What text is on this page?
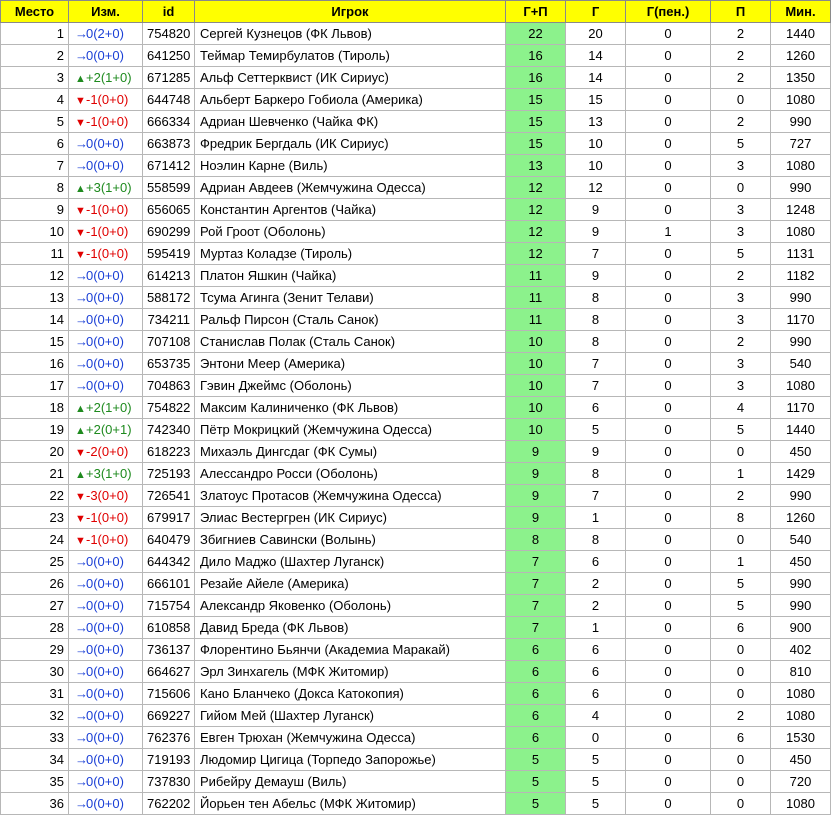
Место	Изм.	id	Игрок	Г+П	Г	Г(пен.)	П	Мин.
1	→0(2+0)	754820	Сергей Кузнецов (ФК Львов)	22	20	0	2	1440
2	→0(0+0)	641250	Теймар Темирбулатов (Тироль)	16	14	0	2	1260
3	▲+2(1+0)	671285	Альф Сеттерквист (ИК Сириус)	16	14	0	2	1350
4	▼-1(0+0)	644748	Альберт Баркеро Гобиола (Америка)	15	15	0	0	1080
5	▼-1(0+0)	666334	Адриан Шевченко (Чайка ФК)	15	13	0	2	990
6	→0(0+0)	663873	Фредрик Бергдаль (ИК Сириус)	15	10	0	5	727
7	→0(0+0)	671412	Ноэлин Карне (Виль)	13	10	0	3	1080
8	▲+3(1+0)	558599	Адриан Авдеев (Жемчужина Одесса)	12	12	0	0	990
9	▼-1(0+0)	656065	Константин Аргентов (Чайка)	12	9	0	3	1248
10	▼-1(0+0)	690299	Рой Гроот (Оболонь)	12	9	1	3	1080
11	▼-1(0+0)	595419	Муртаз Коладзе (Тироль)	12	7	0	5	1131
12	→0(0+0)	614213	Платон Яшкин (Чайка)	11	9	0	2	1182
13	→0(0+0)	588172	Тсума Агинга (Зенит Телави)	11	8	0	3	990
14	→0(0+0)	734211	Ральф Пирсон (Сталь Санок)	11	8	0	3	1170
15	→0(0+0)	707108	Станислав Полак (Сталь Санок)	10	8	0	2	990
16	→0(0+0)	653735	Энтони Меер (Америка)	10	7	0	3	540
17	→0(0+0)	704863	Гэвин Джеймс (Оболонь)	10	7	0	3	1080
18	▲+2(1+0)	754822	Максим Калиниченко (ФК Львов)	10	6	0	4	1170
19	▲+2(0+1)	742340	Пётр Мокрицкий (Жемчужина Одесса)	10	5	0	5	1440
20	▼-2(0+0)	618223	Михаэль Дингсдаг (ФК Сумы)	9	9	0	0	450
21	▲+3(1+0)	725193	Алессандро Росси (Оболонь)	9	8	0	1	1429
22	▼-3(0+0)	726541	Златоус Протасов (Жемчужина Одесса)	9	7	0	2	990
23	▼-1(0+0)	679917	Элиас Вестергрен (ИК Сириус)	9	1	0	8	1260
24	▼-1(0+0)	640479	Збигниев Савински (Волынь)	8	8	0	0	540
25	→0(0+0)	644342	Дило Маджо (Шахтер Луганск)	7	6	0	1	450
26	→0(0+0)	666101	Резайе Айеле (Америка)	7	2	0	5	990
27	→0(0+0)	715754	Александр Яковенко (Оболонь)	7	2	0	5	990
28	→0(0+0)	610858	Давид Бреда (ФК Львов)	7	1	0	6	900
29	→0(0+0)	736137	Флорентино Бьянчи (Академиа Маракай)	6	6	0	0	402
30	→0(0+0)	664627	Эрл Зинхагель (МФК Житомир)	6	6	0	0	810
31	→0(0+0)	715606	Кано Бланчеко (Докса Катокопия)	6	6	0	0	1080
32	→0(0+0)	669227	Гийом Мей (Шахтер Луганск)	6	4	0	2	1080
33	→0(0+0)	762376	Евген Трюхан (Жемчужина Одесса)	6	0	0	6	1530
34	→0(0+0)	719193	Людомир Цигица (Торпедо Запорожье)	5	5	0	0	450
35	→0(0+0)	737830	Рибейру Демауш (Виль)	5	5	0	0	720
36	→0(0+0)	762202	Йорьен тен Абельс (МФК Житомир)	5	5	0	0	1080
